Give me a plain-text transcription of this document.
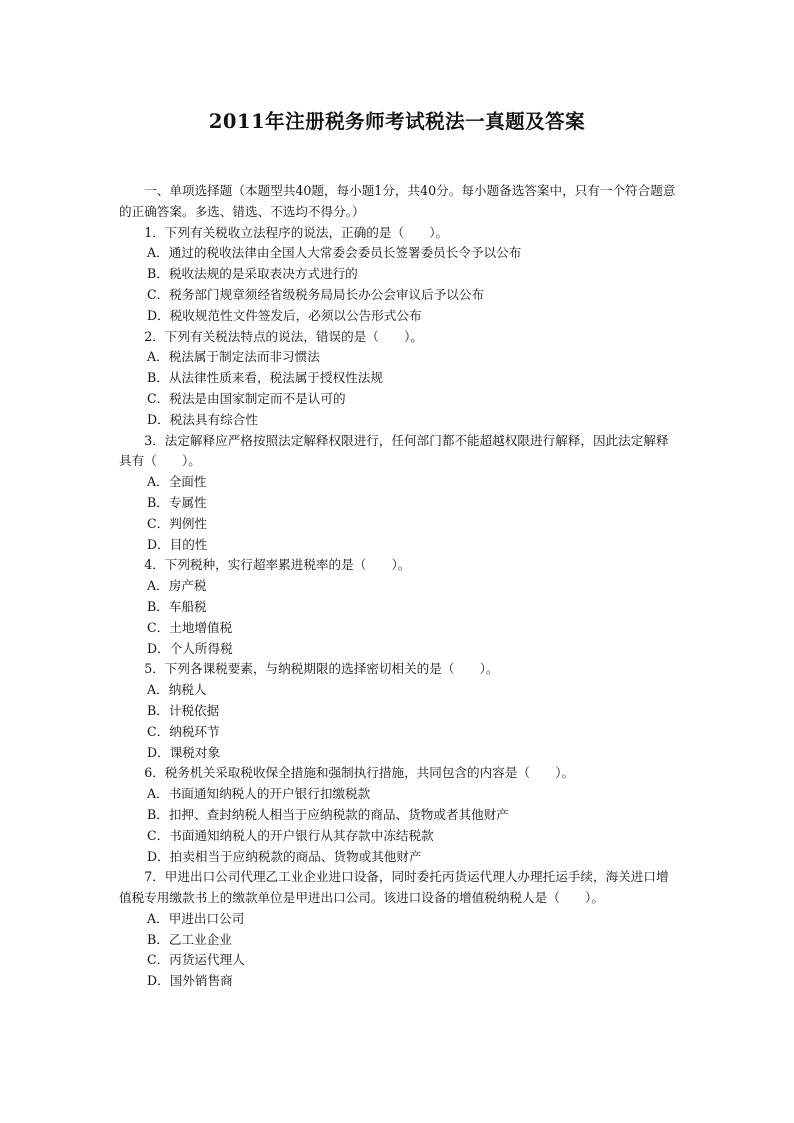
2011年注册税务师考试税法一真题及答案

一、单项选择题（本题型共40题，每小题1分，共40分。每小题备选答案中，只有一个符合题意的正确答案。多选、错选、不选均不得分。）

1．下列有关税收立法程序的说法，正确的是（　　）。

A．通过的税收法律由全国人大常委会委员长签署委员长令予以公布

B．税收法规的是采取表决方式进行的

C．税务部门规章须经省级税务局局长办公会审议后予以公布

D．税收规范性文件签发后，必须以公告形式公布

2．下列有关税法特点的说法，错误的是（　　）。

A．税法属于制定法而非习惯法

B．从法律性质来看，税法属于授权性法规

C．税法是由国家制定而不是认可的

D．税法具有综合性

3．法定解释应严格按照法定解释权限进行，任何部门都不能超越权限进行解释，因此法定解释具有（　　）。

A．全面性

B．专属性

C．判例性

D．目的性

4．下列税种，实行超率累进税率的是（　　）。

A．房产税

B．车船税

C．土地增值税

D．个人所得税

5．下列各课税要素，与纳税期限的选择密切相关的是（　　）。

A．纳税人

B．计税依据

C．纳税环节

D．课税对象

6．税务机关采取税收保全措施和强制执行措施，共同包含的内容是（　　）。

A．书面通知纳税人的开户银行扣缴税款

B．扣押、查封纳税人相当于应纳税款的商品、货物或者其他财产

C．书面通知纳税人的开户银行从其存款中冻结税款

D．拍卖相当于应纳税款的商品、货物或其他财产

7．甲进出口公司代理乙工业企业进口设备，同时委托丙货运代理人办理托运手续，海关进口增值税专用缴款书上的缴款单位是甲进出口公司。该进口设备的增值税纳税人是（　　）。

A．甲进出口公司

B．乙工业企业

C．丙货运代理人

D．国外销售商
